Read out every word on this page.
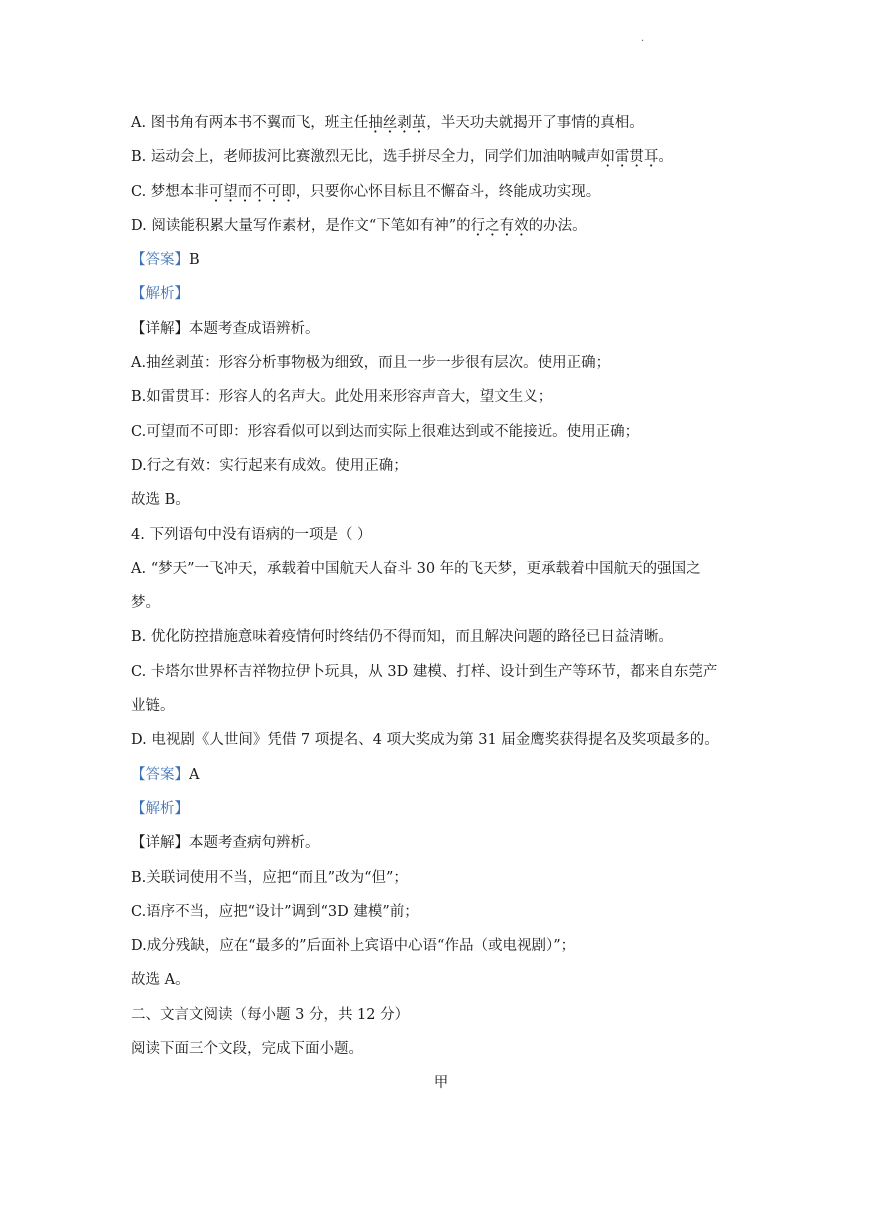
·
A. 图书角有两本书不翼而飞，班主任抽丝剥茧，半天功夫就揭开了事情的真相。
B. 运动会上，老师拔河比赛激烈无比，选手拼尽全力，同学们加油呐喊声如雷贯耳。
C. 梦想本非可望而不可即，只要你心怀目标且不懈奋斗，终能成功实现。
D. 阅读能积累大量写作素材，是作文“下笔如有神”的行之有效的办法。
【答案】B
【解析】
【详解】本题考查成语辨析。
A.抽丝剥茧：形容分析事物极为细致，而且一步一步很有层次。使用正确；
B.如雷贯耳：形容人的名声大。此处用来形容声音大，望文生义；
C.可望而不可即：形容看似可以到达而实际上很难达到或不能接近。使用正确；
D.行之有效：实行起来有成效。使用正确；
故选 B。
4. 下列语句中没有语病的一项是（ ）
A. “梦天”一飞冲天，承载着中国航天人奋斗 30 年的飞天梦，更承载着中国航天的强国之
梦。
B. 优化防控措施意味着疫情何时终结仍不得而知，而且解决问题的路径已日益清晰。
C. 卡塔尔世界杯吉祥物拉伊卜玩具，从 3D 建模、打样、设计到生产等环节，都来自东莞产
业链。
D. 电视剧《人世间》凭借 7 项提名、4 项大奖成为第 31 届金鹰奖获得提名及奖项最多的。
【答案】A
【解析】
【详解】本题考查病句辨析。
B.关联词使用不当，应把“而且”改为“但”；
C.语序不当，应把“设计”调到“3D 建模”前；
D.成分残缺，应在“最多的”后面补上宾语中心语“作品（或电视剧）”；
故选 A。
二、文言文阅读（每小题 3 分，共 12 分）
阅读下面三个文段，完成下面小题。
甲
